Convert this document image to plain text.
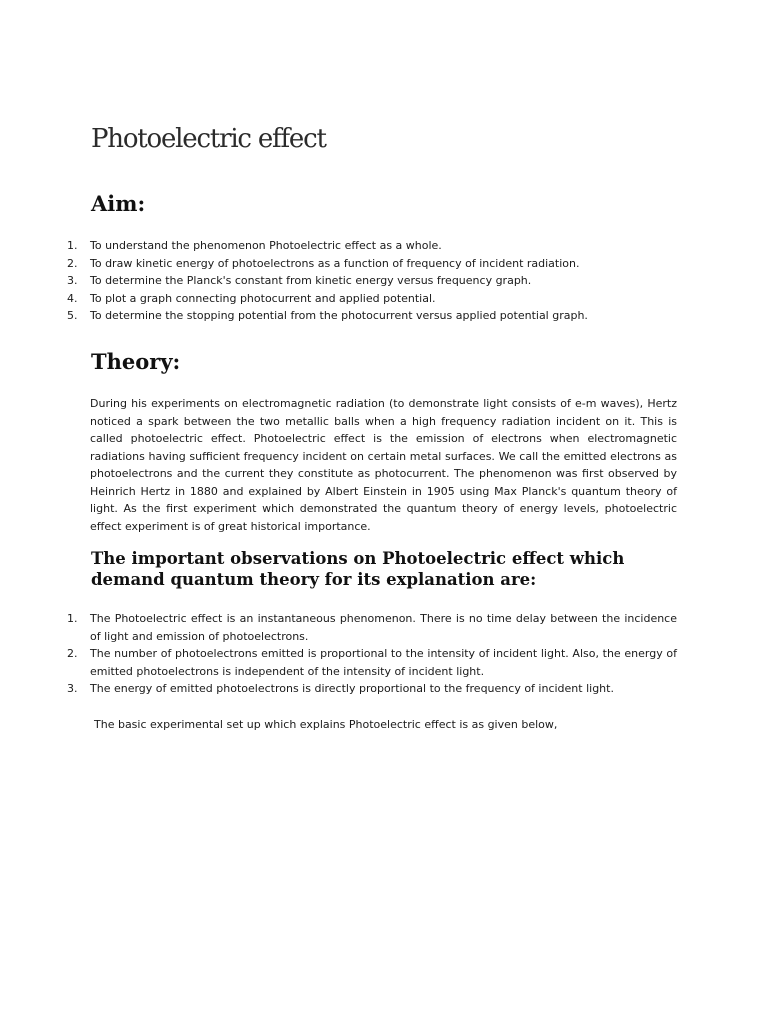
Photoelectric effect
Aim:
1. To understand the phenomenon Photoelectric effect as a whole.
2. To draw kinetic energy of photoelectrons as a function of frequency of incident radiation.
3. To determine the Planck's constant from kinetic energy versus frequency graph.
4. To plot a graph connecting photocurrent and applied potential.
5. To determine the stopping potential from the photocurrent versus applied potential graph.
Theory:

During his experiments on electromagnetic radiation (to demonstrate light consists of e-m waves), Hertz noticed a spark between the two metallic balls when a high frequency radiation incident on it. This is called photoelectric effect. Photoelectric effect is the emission of electrons when electromagnetic radiations having sufficient frequency incident on certain metal surfaces. We call the emitted electrons as photoelectrons and the current they constitute as photocurrent. The phenomenon was first observed by Heinrich Hertz in 1880 and explained by Albert Einstein in 1905 using Max Planck's quantum theory of light. As the first experiment which demonstrated the quantum theory of energy levels, photoelectric effect experiment is of great historical importance.

The important observations on Photoelectric effect which demand quantum theory for its explanation are:
1. The Photoelectric effect is an instantaneous phenomenon. There is no time delay between the incidence of light and emission of photoelectrons.
2. The number of photoelectrons emitted is proportional to the intensity of incident light. Also, the energy of emitted photoelectrons is independent of the intensity of incident light.
3. The energy of emitted photoelectrons is directly proportional to the frequency of incident light.

The basic experimental set up which explains Photoelectric effect is as given below,
